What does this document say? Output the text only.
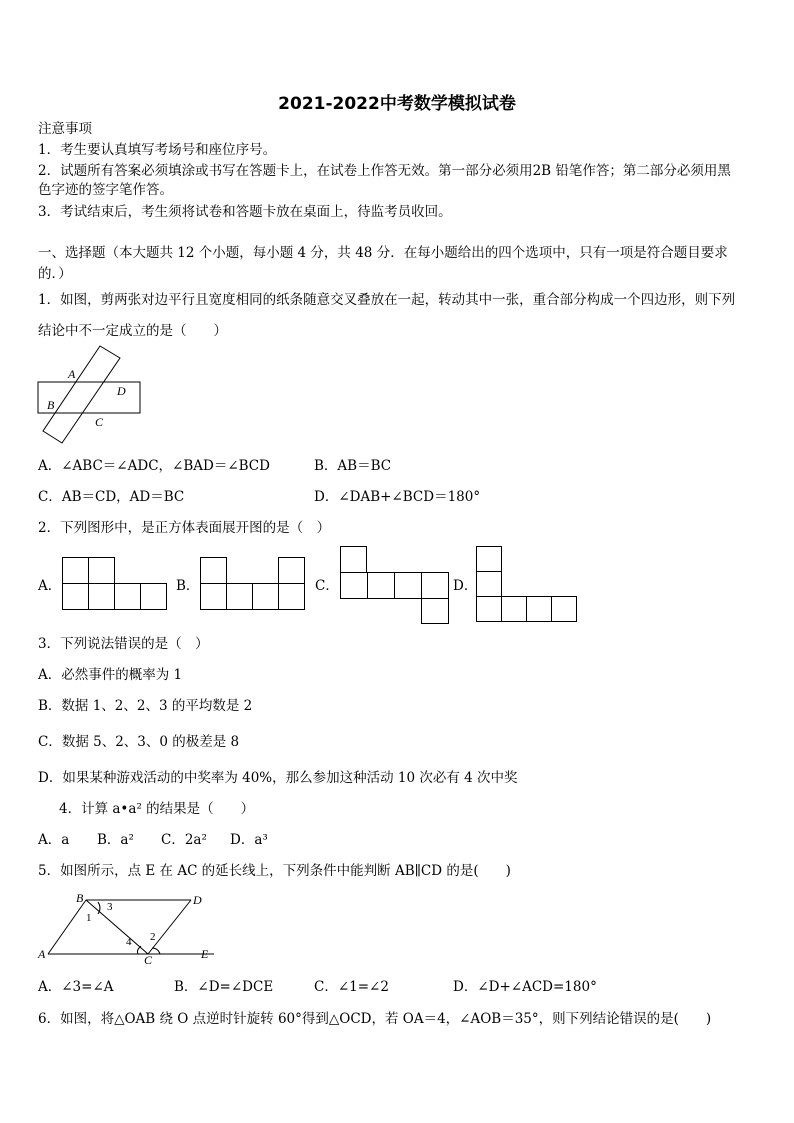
2021-2022中考数学模拟试卷
注意事项
1．考生要认真填写考场号和座位序号。
2．试题所有答案必须填涂或书写在答题卡上，在试卷上作答无效。第一部分必须用2B 铅笔作答；第二部分必须用黑
色字迹的签字笔作答。
3．考试结束后，考生须将试卷和答题卡放在桌面上，待监考员收回。
一、选择题（本大题共 12 个小题，每小题 4 分，共 48 分．在每小题给出的四个选项中，只有一项是符合题目要求
的．）
1．如图，剪两张对边平行且宽度相同的纸条随意交叉叠放在一起，转动其中一张，重合部分构成一个四边形，则下列
结论中不一定成立的是（　　）
A
B
C
D
A．∠ABC＝∠ADC，∠BAD＝∠BCD	B．AB＝BC
C．AB＝CD，AD＝BC	D．∠DAB+∠BCD＝180°
2．下列图形中，是正方体表面展开图的是（　）
A．	B．	C．	D．
3．下列说法错误的是（　）
A．必然事件的概率为 1
B．数据 1、2、2、3 的平均数是 2
C．数据 5、2、3、0 的极差是 8
D．如果某种游戏活动的中奖率为 40%，那么参加这种活动 10 次必有 4 次中奖
4．计算 a•a² 的结果是（　　）
A．a B．a² C．2a² D．a³
5．如图所示，点 E 在 AC 的延长线上，下列条件中能判断 AB∥CD 的是(　　)
B	D
A	C	E
1
3
4 2
A．∠3=∠A	B．∠D=∠DCE	C．∠1=∠2	D．∠D+∠ACD=180°
6．如图，将△OAB 绕 O 点逆时针旋转 60°得到△OCD，若 OA＝4，∠AOB＝35°，则下列结论错误的是(　　)
